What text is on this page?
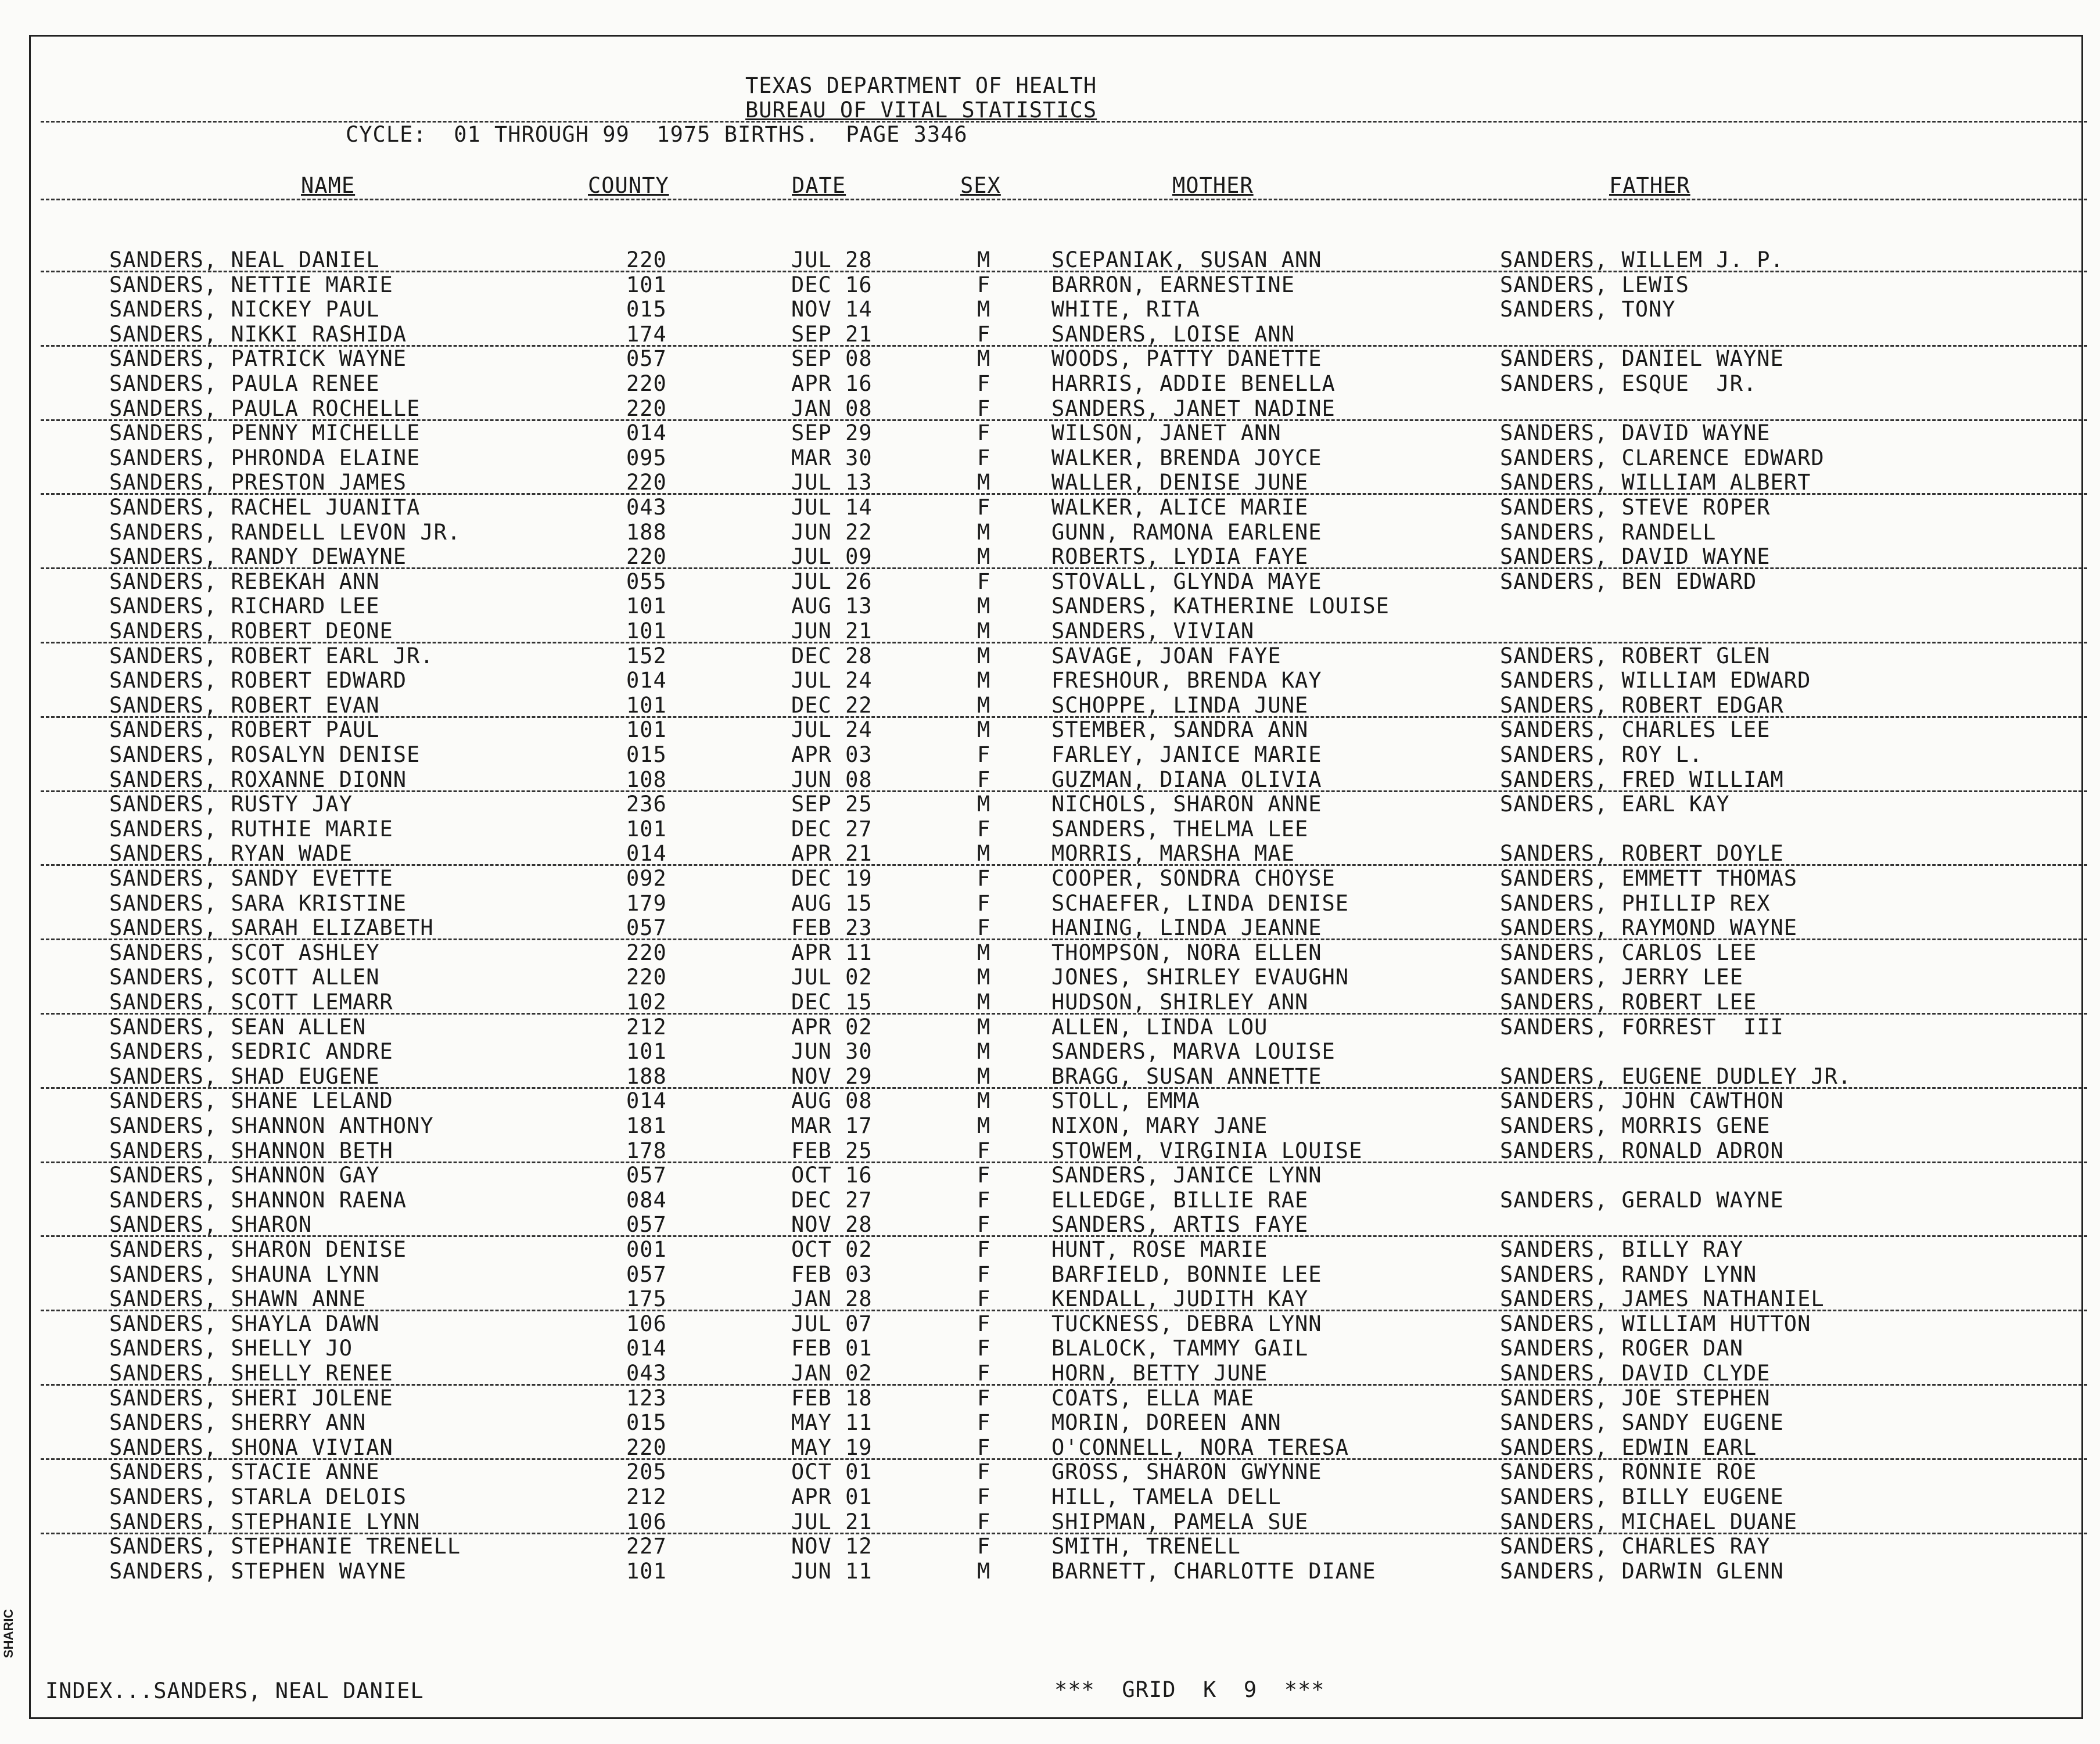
TEXAS DEPARTMENT OF HEALTH
BUREAU OF VITAL STATISTICS
CYCLE:  01 THROUGH 99  1975 BIRTHS.  PAGE 3346
NAME	COUNTY	DATE	SEX	MOTHER	FATHER
SANDERS, NEAL DANIEL	220	JUL 28	M	SCEPANIAK, SUSAN ANN	SANDERS, WILLEM J. P.
SANDERS, NETTIE MARIE	101	DEC 16	F	BARRON, EARNESTINE	SANDERS, LEWIS
SANDERS, NICKEY PAUL	015	NOV 14	M	WHITE, RITA	SANDERS, TONY
SANDERS, NIKKI RASHIDA	174	SEP 21	F	SANDERS, LOISE ANN
SANDERS, PATRICK WAYNE	057	SEP 08	M	WOODS, PATTY DANETTE	SANDERS, DANIEL WAYNE
SANDERS, PAULA RENEE	220	APR 16	F	HARRIS, ADDIE BENELLA	SANDERS, ESQUE  JR.
SANDERS, PAULA ROCHELLE	220	JAN 08	F	SANDERS, JANET NADINE
SANDERS, PENNY MICHELLE	014	SEP 29	F	WILSON, JANET ANN	SANDERS, DAVID WAYNE
SANDERS, PHRONDA ELAINE	095	MAR 30	F	WALKER, BRENDA JOYCE	SANDERS, CLARENCE EDWARD
SANDERS, PRESTON JAMES	220	JUL 13	M	WALLER, DENISE JUNE	SANDERS, WILLIAM ALBERT
SANDERS, RACHEL JUANITA	043	JUL 14	F	WALKER, ALICE MARIE	SANDERS, STEVE ROPER
SANDERS, RANDELL LEVON JR.	188	JUN 22	M	GUNN, RAMONA EARLENE	SANDERS, RANDELL
SANDERS, RANDY DEWAYNE	220	JUL 09	M	ROBERTS, LYDIA FAYE	SANDERS, DAVID WAYNE
SANDERS, REBEKAH ANN	055	JUL 26	F	STOVALL, GLYNDA MAYE	SANDERS, BEN EDWARD
SANDERS, RICHARD LEE	101	AUG 13	M	SANDERS, KATHERINE LOUISE
SANDERS, ROBERT DEONE	101	JUN 21	M	SANDERS, VIVIAN
SANDERS, ROBERT EARL JR.	152	DEC 28	M	SAVAGE, JOAN FAYE	SANDERS, ROBERT GLEN
SANDERS, ROBERT EDWARD	014	JUL 24	M	FRESHOUR, BRENDA KAY	SANDERS, WILLIAM EDWARD
SANDERS, ROBERT EVAN	101	DEC 22	M	SCHOPPE, LINDA JUNE	SANDERS, ROBERT EDGAR
SANDERS, ROBERT PAUL	101	JUL 24	M	STEMBER, SANDRA ANN	SANDERS, CHARLES LEE
SANDERS, ROSALYN DENISE	015	APR 03	F	FARLEY, JANICE MARIE	SANDERS, ROY L.
SANDERS, ROXANNE DIONN	108	JUN 08	F	GUZMAN, DIANA OLIVIA	SANDERS, FRED WILLIAM
SANDERS, RUSTY JAY	236	SEP 25	M	NICHOLS, SHARON ANNE	SANDERS, EARL KAY
SANDERS, RUTHIE MARIE	101	DEC 27	F	SANDERS, THELMA LEE
SANDERS, RYAN WADE	014	APR 21	M	MORRIS, MARSHA MAE	SANDERS, ROBERT DOYLE
SANDERS, SANDY EVETTE	092	DEC 19	F	COOPER, SONDRA CHOYSE	SANDERS, EMMETT THOMAS
SANDERS, SARA KRISTINE	179	AUG 15	F	SCHAEFER, LINDA DENISE	SANDERS, PHILLIP REX
SANDERS, SARAH ELIZABETH	057	FEB 23	F	HANING, LINDA JEANNE	SANDERS, RAYMOND WAYNE
SANDERS, SCOT ASHLEY	220	APR 11	M	THOMPSON, NORA ELLEN	SANDERS, CARLOS LEE
SANDERS, SCOTT ALLEN	220	JUL 02	M	JONES, SHIRLEY EVAUGHN	SANDERS, JERRY LEE
SANDERS, SCOTT LEMARR	102	DEC 15	M	HUDSON, SHIRLEY ANN	SANDERS, ROBERT LEE
SANDERS, SEAN ALLEN	212	APR 02	M	ALLEN, LINDA LOU	SANDERS, FORREST  III
SANDERS, SEDRIC ANDRE	101	JUN 30	M	SANDERS, MARVA LOUISE
SANDERS, SHAD EUGENE	188	NOV 29	M	BRAGG, SUSAN ANNETTE	SANDERS, EUGENE DUDLEY JR.
SANDERS, SHANE LELAND	014	AUG 08	M	STOLL, EMMA	SANDERS, JOHN CAWTHON
SANDERS, SHANNON ANTHONY	181	MAR 17	M	NIXON, MARY JANE	SANDERS, MORRIS GENE
SANDERS, SHANNON BETH	178	FEB 25	F	STOWEM, VIRGINIA LOUISE	SANDERS, RONALD ADRON
SANDERS, SHANNON GAY	057	OCT 16	F	SANDERS, JANICE LYNN
SANDERS, SHANNON RAENA	084	DEC 27	F	ELLEDGE, BILLIE RAE	SANDERS, GERALD WAYNE
SANDERS, SHARON	057	NOV 28	F	SANDERS, ARTIS FAYE
SANDERS, SHARON DENISE	001	OCT 02	F	HUNT, ROSE MARIE	SANDERS, BILLY RAY
SANDERS, SHAUNA LYNN	057	FEB 03	F	BARFIELD, BONNIE LEE	SANDERS, RANDY LYNN
SANDERS, SHAWN ANNE	175	JAN 28	F	KENDALL, JUDITH KAY	SANDERS, JAMES NATHANIEL
SANDERS, SHAYLA DAWN	106	JUL 07	F	TUCKNESS, DEBRA LYNN	SANDERS, WILLIAM HUTTON
SANDERS, SHELLY JO	014	FEB 01	F	BLALOCK, TAMMY GAIL	SANDERS, ROGER DAN
SANDERS, SHELLY RENEE	043	JAN 02	F	HORN, BETTY JUNE	SANDERS, DAVID CLYDE
SANDERS, SHERI JOLENE	123	FEB 18	F	COATS, ELLA MAE	SANDERS, JOE STEPHEN
SANDERS, SHERRY ANN	015	MAY 11	F	MORIN, DOREEN ANN	SANDERS, SANDY EUGENE
SANDERS, SHONA VIVIAN	220	MAY 19	F	O'CONNELL, NORA TERESA	SANDERS, EDWIN EARL
SANDERS, STACIE ANNE	205	OCT 01	F	GROSS, SHARON GWYNNE	SANDERS, RONNIE ROE
SANDERS, STARLA DELOIS	212	APR 01	F	HILL, TAMELA DELL	SANDERS, BILLY EUGENE
SANDERS, STEPHANIE LYNN	106	JUL 21	F	SHIPMAN, PAMELA SUE	SANDERS, MICHAEL DUANE
SANDERS, STEPHANIE TRENELL	227	NOV 12	F	SMITH, TRENELL	SANDERS, CHARLES RAY
SANDERS, STEPHEN WAYNE	101	JUN 11	M	BARNETT, CHARLOTTE DIANE	SANDERS, DARWIN GLENN
INDEX...SANDERS, NEAL DANIEL	***  GRID  K  9  ***
SHARIC
